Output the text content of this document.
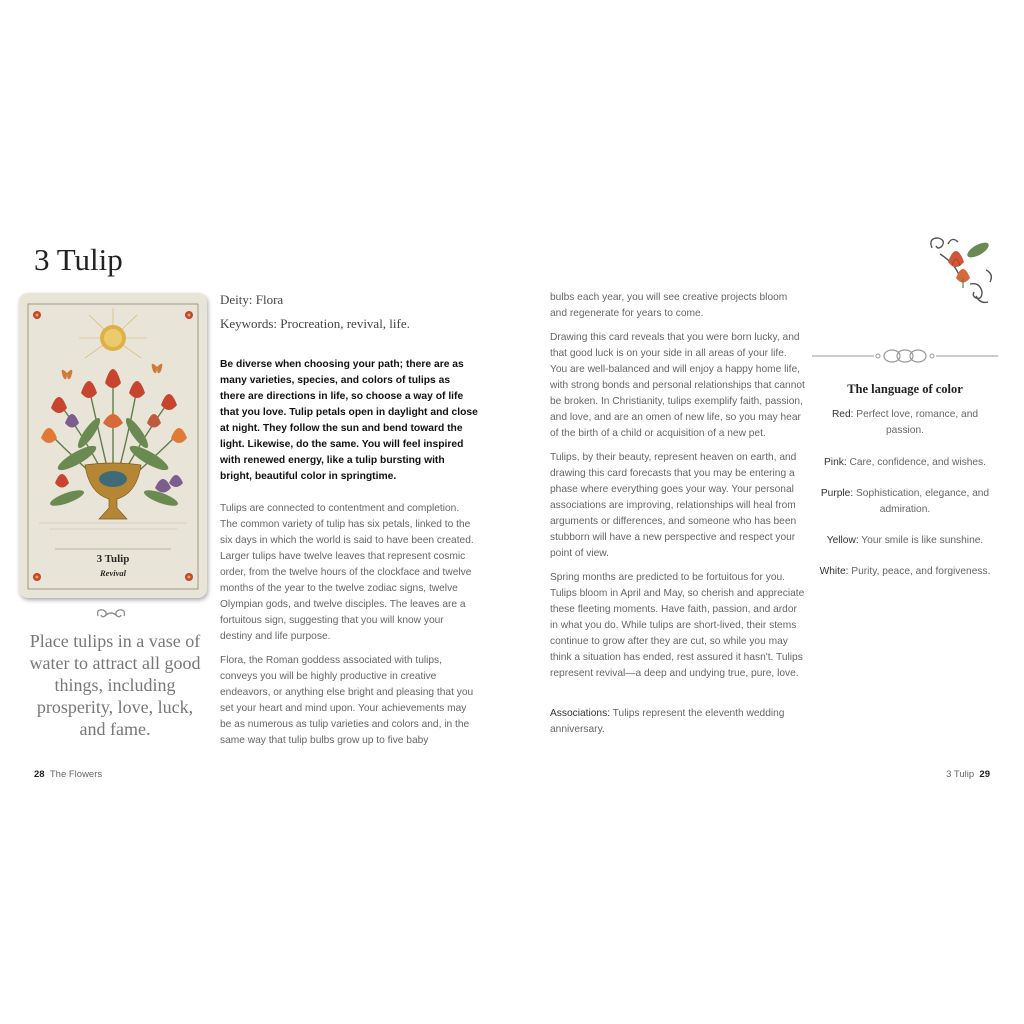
3 Tulip
3 Tulip
Revival
Place tulips in a vase of water to attract all good things, including prosperity, love, luck, and fame.
Deity: Flora
Keywords: Procreation, revival, life.

Be diverse when choosing your path; there are as many varieties, species, and colors of tulips as there are directions in life, so choose a way of life that you love. Tulip petals open in daylight and close at night. They follow the sun and bend toward the light. Likewise, do the same. You will feel inspired with renewed energy, like a tulip bursting with bright, beautiful color in springtime.

Tulips are connected to contentment and completion. The common variety of tulip has six petals, linked to the six days in which the world is said to have been created. Larger tulips have twelve leaves that represent cosmic order, from the twelve hours of the clockface and twelve months of the year to the twelve zodiac signs, twelve Olympian gods, and twelve disciples. The leaves are a fortuitous sign, suggesting that you will know your destiny and life purpose.

Flora, the Roman goddess associated with tulips, conveys you will be highly productive in creative endeavors, or anything else bright and pleasing that you set your heart and mind upon. Your achievements may be as numerous as tulip varieties and colors and, in the same way that tulip bulbs grow up to five baby

bulbs each year, you will see creative projects bloom and regenerate for years to come.

Drawing this card reveals that you were born lucky, and that good luck is on your side in all areas of your life. You are well-balanced and will enjoy a happy home life, with strong bonds and personal relationships that cannot be broken. In Christianity, tulips exemplify faith, passion, and love, and are an omen of new life, so you may hear of the birth of a child or acquisition of a new pet.

Tulips, by their beauty, represent heaven on earth, and drawing this card forecasts that you may be entering a phase where everything goes your way. Your personal associations are improving, relationships will heal from arguments or differences, and someone who has been stubborn will have a new perspective and respect your point of view.

Spring months are predicted to be fortuitous for you. Tulips bloom in April and May, so cherish and appreciate these fleeting moments. Have faith, passion, and ardor in what you do. While tulips are short-lived, their stems continue to grow after they are cut, so while you may think a situation has ended, rest assured it hasn't. Tulips represent revival—a deep and undying true, pure, love.

Associations: Tulips represent the eleventh wedding anniversary.

The language of color

Red: Perfect love, romance, and passion.

Pink: Care, confidence, and wishes.

Purple: Sophistication, elegance, and admiration.

Yellow: Your smile is like sunshine.

White: Purity, peace, and forgiveness.

28 The Flowers	3 Tulip 29
